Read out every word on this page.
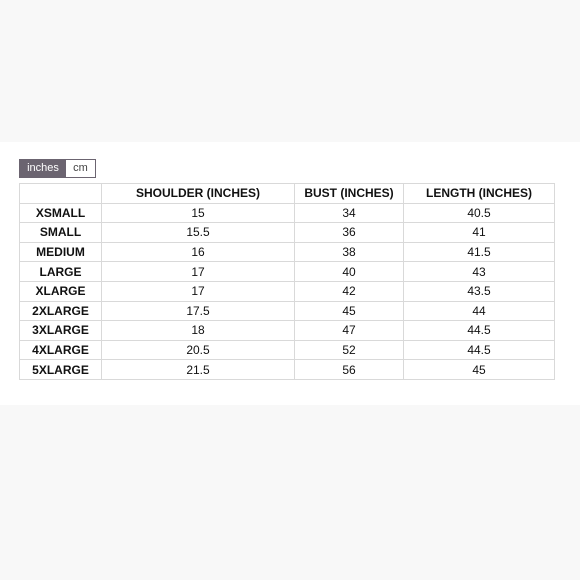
inches	cm
	SHOULDER (INCHES)	BUST (INCHES)	LENGTH (INCHES)
XSMALL	15	34	40.5
SMALL	15.5	36	41
MEDIUM	16	38	41.5
LARGE	17	40	43
XLARGE	17	42	43.5
2XLARGE	17.5	45	44
3XLARGE	18	47	44.5
4XLARGE	20.5	52	44.5
5XLARGE	21.5	56	45
